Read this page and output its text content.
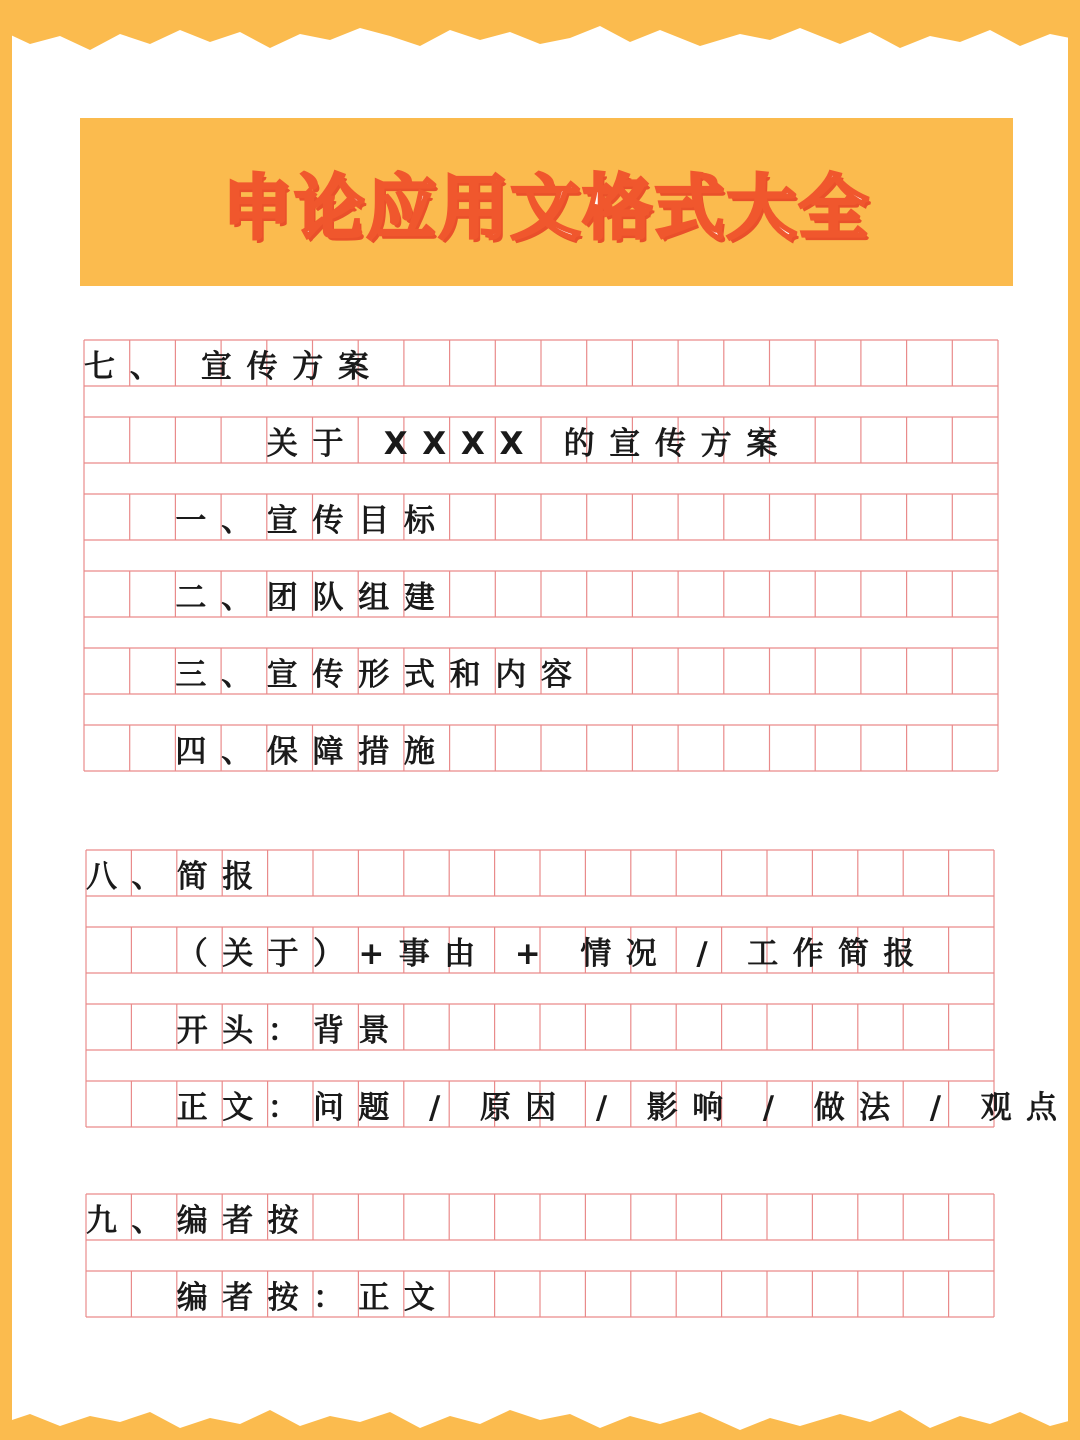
申论应用文格式大全
七、 宣传方案
关于 XXXX 的宣传方案
一、宣传目标
二、团队组建
三、宣传形式和内容
四、保障措施
八、简报
（关于）+事由 + 情况 / 工作简报
开头：背景
正文：问题 / 原因 / 影响 / 做法 / 观点
九、编者按
编者按：正文
